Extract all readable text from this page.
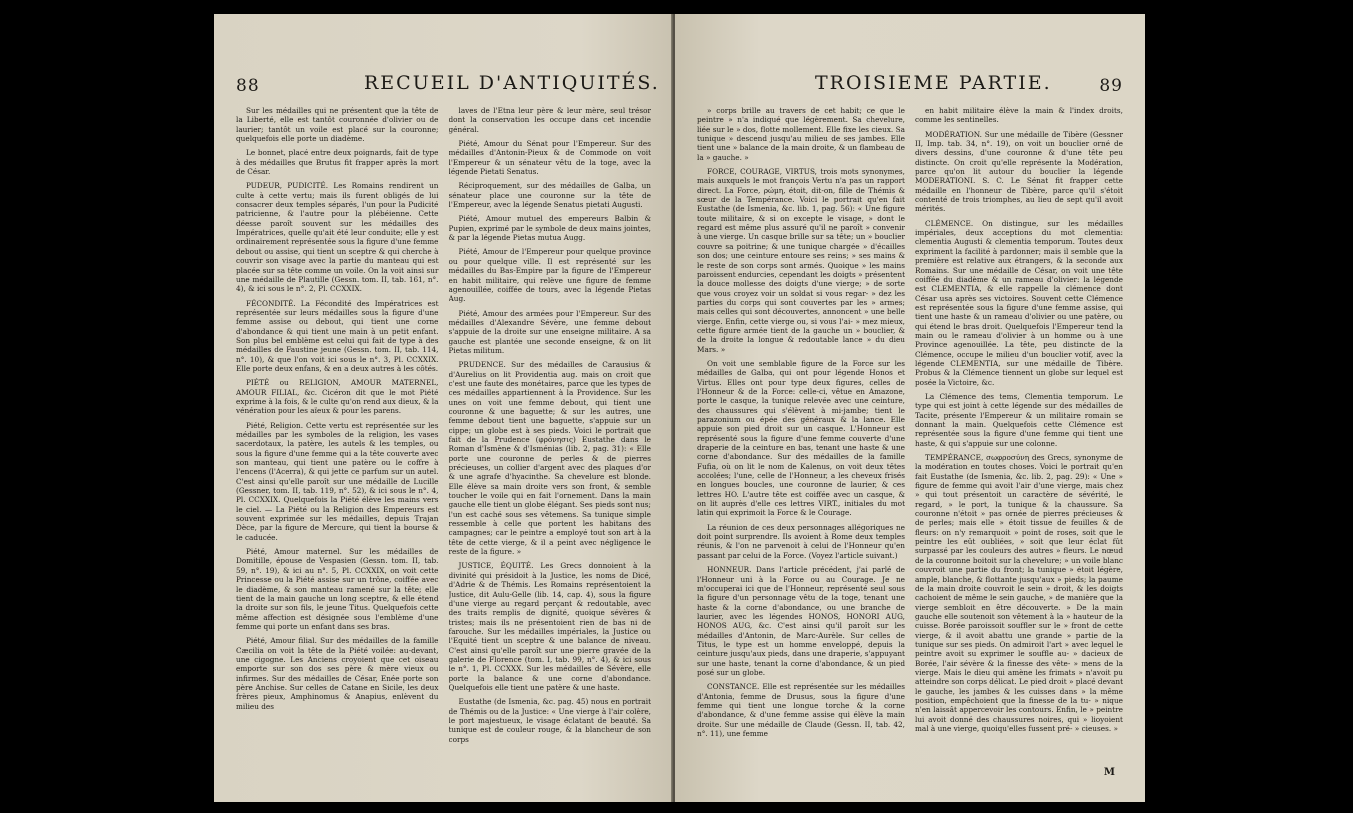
88	RECUEIL D'ANTIQUITÉS.

Sur les médailles qui ne présentent que la tête de la Liberté, elle est tantôt couronnée d'olivier ou de laurier; tantôt un voile est placé sur la couronne; quelquefois elle porte un diadème.

Le bonnet, placé entre deux poignards, fait de type à des médailles que Brutus fit frapper après la mort de César.

PUDEUR, PUDICITÉ. Les Romains rendirent un culte à cette vertu; mais ils furent obligés de lui consacrer deux temples séparés, l'un pour la Pudicité patricienne, & l'autre pour la plébéienne. Cette déesse paroît souvent sur les médailles des Impératrices, quelle qu'ait été leur conduite; elle y est ordinairement représentée sous la figure d'une femme debout ou assise, qui tient un sceptre & qui cherche à couvrir son visage avec la partie du manteau qui est placée sur sa tête comme un voile. On la voit ainsi sur une médaille de Plautille (Gessn. tom. II, tab. 161, n°. 4), & ici sous le n°. 2, Pl. CCXXIX.

FÉCONDITÉ. La Fécondité des Impératrices est représentée sur leurs médailles sous la figure d'une femme assise ou debout, qui tient une corne d'abondance & qui tient une main à un petit enfant. Son plus bel emblème est celui qui fait de type à des médailles de Faustine jeune (Gessn. tom. II, tab. 114, n°. 10), & que l'on voit ici sous le n°. 3, Pl. CCXXIX. Elle porte deux enfans, & en a deux autres à les côtés.

PIÉTÉ ou RELIGION, AMOUR MATERNEL, AMOUR FILIAL, &c. Cicéron dit que le mot Piété exprime à la fois, & le culte qu'on rend aux dieux, & la vénération pour les aïeux & pour les parens.

Piété, Religion. Cette vertu est représentée sur les médailles par les symboles de la religion, les vases sacerdotaux, la patère, les autels & les temples, ou sous la figure d'une femme qui a la tête couverte avec son manteau, qui tient une patère ou le coffre à l'encens (l'Acerra), & qui jette ce parfum sur un autel. C'est ainsi qu'elle paroît sur une médaille de Lucille (Gessner, tom. II, tab. 119, n°. 52), & ici sous le n°. 4, Pl. CCXXIX. Quelquefois la Piété élève les mains vers le ciel. — La Piété ou la Religion des Empereurs est souvent exprimée sur les médailles, depuis Trajan Dèce, par la figure de Mercure, qui tient la bourse & le caducée.

Piété, Amour maternel. Sur les médailles de Domitille, épouse de Vespasien (Gessn. tom. II, tab. 59, n°. 19), & ici au n°. 5, Pl. CCXXIX, on voit cette Princesse ou la Piété assise sur un trône, coiffée avec le diadème, & son manteau ramené sur la tête; elle tient de la main gauche un long sceptre, & elle étend la droite sur son fils, le jeune Titus. Quelquefois cette même affection est désignée sous l'emblème d'une femme qui porte un enfant dans ses bras.

Piété, Amour filial. Sur des médailles de la famille Cæcilia on voit la tête de la Piété voilée: au-devant, une cigogne. Les Anciens croyoient que cet oiseau emporte sur son dos ses père & mère vieux ou infirmes. Sur des médailles de César, Enée porte son père Anchise. Sur celles de Catane en Sicile, les deux frères pieux, Amphinomus & Anapius, enlèvent du milieu des

laves de l'Etna leur père & leur mère, seul trésor dont la conservation les occupe dans cet incendie général.

Piété, Amour du Sénat pour l'Empereur. Sur des médailles d'Antonin-Pieux & de Commode on voit l'Empereur & un sénateur vêtu de la toge, avec la légende Pietati Senatus.

Réciproquement, sur des médailles de Galba, un sénateur place une couronne sur la tête de l'Empereur, avec la légende Senatus pietati Augusti.

Piété, Amour mutuel des empereurs Balbin & Pupien, exprimé par le symbole de deux mains jointes, & par la légende Pietas mutua Augg.

Piété, Amour de l'Empereur pour quelque province ou pour quelque ville. Il est représenté sur les médailles du Bas-Empire par la figure de l'Empereur en habit militaire, qui relève une figure de femme agenouillée, coiffée de tours, avec la légende Pietas Aug.

Piété, Amour des armées pour l'Empereur. Sur des médailles d'Alexandre Sévère, une femme debout s'appuie de la droite sur une enseigne militaire. A sa gauche est plantée une seconde enseigne, & on lit Pietas militum.

PRUDENCE. Sur des médailles de Carausius & d'Aurelius on lit Providentia aug. mais on croit que c'est une faute des monétaires, parce que les types de ces médailles appartiennent à la Providence. Sur les unes on voit une femme debout, qui tient une couronne & une baguette; & sur les autres, une femme debout tient une baguette, s'appuie sur un cippe; un globe est à ses pieds. Voici le portrait que fait de la Prudence (φρόνησις) Eustathe dans le Roman d'Ismène & d'Isménias (lib. 2, pag. 31): « Elle porte une couronne de perles & de pierres précieuses, un collier d'argent avec des plaques d'or & une agrafe d'hyacinthe. Sa chevelure est blonde. Elle élève sa main droite vers son front, & semble toucher le voile qui en fait l'ornement. Dans la main gauche elle tient un globe élégant. Ses pieds sont nus; l'un est caché sous ses vêtemens. Sa tunique simple ressemble à celle que portent les habitans des campagnes; car le peintre a employé tout son art à la tête de cette vierge, & il a peint avec négligence le reste de la figure. »

JUSTICE, ÉQUITÉ. Les Grecs donnoient à la divinité qui présidoit à la Justice, les noms de Dicé, d'Adrie & de Thémis. Les Romains représentoient la Justice, dit Aulu-Gelle (lib. 14, cap. 4), sous la figure d'une vierge au regard perçant & redoutable, avec des traits remplis de dignité, quoique sévères & tristes; mais ils ne présentoient rien de bas ni de farouche. Sur les médailles impériales, la Justice ou l'Equité tient un sceptre & une balance de niveau. C'est ainsi qu'elle paroît sur une pierre gravée de la galerie de Florence (tom. I, tab. 99, n°. 4), & ici sous le n°. 1, Pl. CCXXX. Sur les médailles de Sévère, elle porte la balance & une corne d'abondance. Quelquefois elle tient une patère & une haste.

Eustathe (de Ismenia, &c. pag. 45) nous en portrait de Thémis ou de la Justice: « Une vierge à l'air colère, le port majestueux, le visage éclatant de beauté. Sa tunique est de couleur rouge, & la blancheur de son corps

TROISIEME PARTIE.	89

» corps brille au travers de cet habit; ce que le peintre » n'a indiqué que légèrement. Sa chevelure, liée sur le » dos, flotte mollement. Elle fixe les cieux. Sa tunique » descend jusqu'au milieu de ses jambes. Elle tient une » balance de la main droite, & un flambeau de la » gauche. »

FORCE, COURAGE, VIRTUS, trois mots synonymes, mais auxquels le mot françois Vertu n'a pas un rapport direct. La Force, ρώμη, étoit, dit-on, fille de Thémis & sœur de la Tempérance. Voici le portrait qu'en fait Eustathe (de Ismenia, &c. lib. 1, pag. 56): « Une figure toute militaire, & si on excepte le visage, » dont le regard est même plus assuré qu'il ne paroît » convenir à une vierge. Un casque brille sur sa tête; un » bouclier couvre sa poitrine; & une tunique chargée » d'écailles son dos; une ceinture entoure ses reins; » ses mains & le reste de son corps sont armés. Quoique » les mains paroissent endurcies, cependant les doigts » présentent la douce mollesse des doigts d'une vierge; » de sorte que vous croyez voir un soldat si vous regar- » dez les parties du corps qui sont couvertes par les » armes; mais celles qui sont découvertes, annoncent » une belle vierge. Enfin, cette vierge ou, si vous l'ai- » mez mieux, cette figure armée tient de la gauche un » bouclier, & de la droite la longue & redoutable lance » du dieu Mars. »

On voit une semblable figure de la Force sur les médailles de Galba, qui ont pour légende Honos et Virtus. Elles ont pour type deux figures, celles de l'Honneur & de la Force: celle-ci, vêtue en Amazone, porte le casque, la tunique relevée avec une ceinture, des chaussures qui s'élèvent à mi-jambe; tient le parazonium ou épée des généraux & la lance. Elle appuie son pied droit sur un casque. L'Honneur est représenté sous la figure d'une femme couverte d'une draperie de la ceinture en bas, tenant une haste & une corne d'abondance. Sur des médailles de la famille Fufia, où on lit le nom de Kalenus, on voit deux têtes accolées; l'une, celle de l'Honneur, a les cheveux frisés en longues boucles, une couronne de laurier, & ces lettres HO. L'autre tête est coiffée avec un casque, & on lit auprès d'elle ces lettres VIRT., initiales du mot latin qui exprimoit la Force & le Courage.

La réunion de ces deux personnages allégoriques ne doit point surprendre. Ils avoient à Rome deux temples réunis, & l'on ne parvenoit à celui de l'Honneur qu'en passant par celui de la Force. (Voyez l'article suivant.)

HONNEUR. Dans l'article précédent, j'ai parlé de l'Honneur uni à la Force ou au Courage. Je ne m'occuperai ici que de l'Honneur, représenté seul sous la figure d'un personnage vêtu de la toge, tenant une haste & la corne d'abondance, ou une branche de laurier, avec les légendes HONOS, HONORI AUG, HONOS AUG, &c. C'est ainsi qu'il paroît sur les médailles d'Antonin, de Marc-Aurèle. Sur celles de Titus, le type est un homme enveloppé, depuis la ceinture jusqu'aux pieds, dans une draperie, s'appuyant sur une haste, tenant la corne d'abondance, & un pied posé sur un globe.

CONSTANCE. Elle est représentée sur les médailles d'Antonia, femme de Drusus, sous la figure d'une femme qui tient une longue torche & la corne d'abondance, & d'une femme assise qui élève la main droite. Sur une médaille de Claude (Gessn. II, tab. 42, n°. 11), une femme

en habit militaire élève la main & l'index droits, comme les sentinelles.

MODÉRATION. Sur une médaille de Tibère (Gessner II, Imp. tab. 34, n°. 19), on voit un bouclier orné de divers dessins, d'une couronne & d'une tête peu distincte. On croit qu'elle représente la Modération, parce qu'on lit autour du bouclier la légende MODERATIONI. S. C. Le Sénat fit frapper cette médaille en l'honneur de Tibère, parce qu'il s'étoit contenté de trois triomphes, au lieu de sept qu'il avoit mérités.

CLÉMENCE. On distingue, sur les médailles impériales, deux acceptions du mot clementia: clementia Augusti & clementia temporum. Toutes deux expriment la facilité à pardonner; mais il semble que la première est relative aux étrangers, & la seconde aux Romains. Sur une médaille de César, on voit une tête coiffée du diadème & un rameau d'olivier: la légende est CLEMENTIA, & elle rappelle la clémence dont César usa après ses victoires. Souvent cette Clémence est représentée sous la figure d'une femme assise, qui tient une haste & un rameau d'olivier ou une patère, ou qui étend le bras droit. Quelquefois l'Empereur tend la main ou le rameau d'olivier à un homme ou à une Province agenouillée. La tête, peu distincte de la Clémence, occupe le milieu d'un bouclier votif, avec la légende CLEMENTIA, sur une médaille de Tibère. Probus & la Clémence tiennent un globe sur lequel est posée la Victoire, &c.

La Clémence des tems, Clementia temporum. Le type qui est joint à cette légende sur des médailles de Tacite, présente l'Empereur & un militaire romain se donnant la main. Quelquefois cette Clémence est représentée sous la figure d'une femme qui tient une haste, & qui s'appuie sur une colonne.

TEMPÉRANCE, σωφροσύνη des Grecs, synonyme de la modération en toutes choses. Voici le portrait qu'en fait Eustathe (de Ismenia, &c. lib. 2, pag. 29): « Une » figure de femme qui avoit l'air d'une vierge, mais chez » qui tout présentoit un caractère de sévérité, le regard, » le port, la tunique & la chaussure. Sa couronne n'étoit » pas ornée de pierres précieuses & de perles; mais elle » étoit tissue de feuilles & de fleurs: on n'y remarquoit » point de roses, soit que le peintre les eût oubliées, » soit que leur éclat fût surpassé par les couleurs des autres » fleurs. Le nœud de la couronne boitoit sur la chevelure; » un voile blanc couvroit une partie du front; la tunique » étoit légère, ample, blanche, & flottante jusqu'aux » pieds; la paume de la main droite couvroit le sein » droit, & les doigts cachoient de même le sein gauche, » de manière que la vierge sembloit en être découverte. » De la main gauche elle soutenoit son vêtement à la » hauteur de la cuisse. Borée paroissoit souffler sur le » front de cette vierge, & il avoit abattu une grande » partie de la tunique sur ses pieds. On admiroit l'art » avec lequel le peintre avoit su exprimer le souffle au- » dacieux de Borée, l'air sévère & la finesse des vête- » mens de la vierge. Mais le dieu qui amène les frimats » n'avoit pu atteindre son corps délicat. Le pied droit » placé devant le gauche, les jambes & les cuisses dans » la même position, empêchoient que la finesse de la tu- » nique n'en laissât appercevoir les contours. Enfin, le » peintre lui avoit donné des chaussures noires, qui » lioyoient mal à une vierge, quoiqu'elles fussent pré- » cieuses. »

M
